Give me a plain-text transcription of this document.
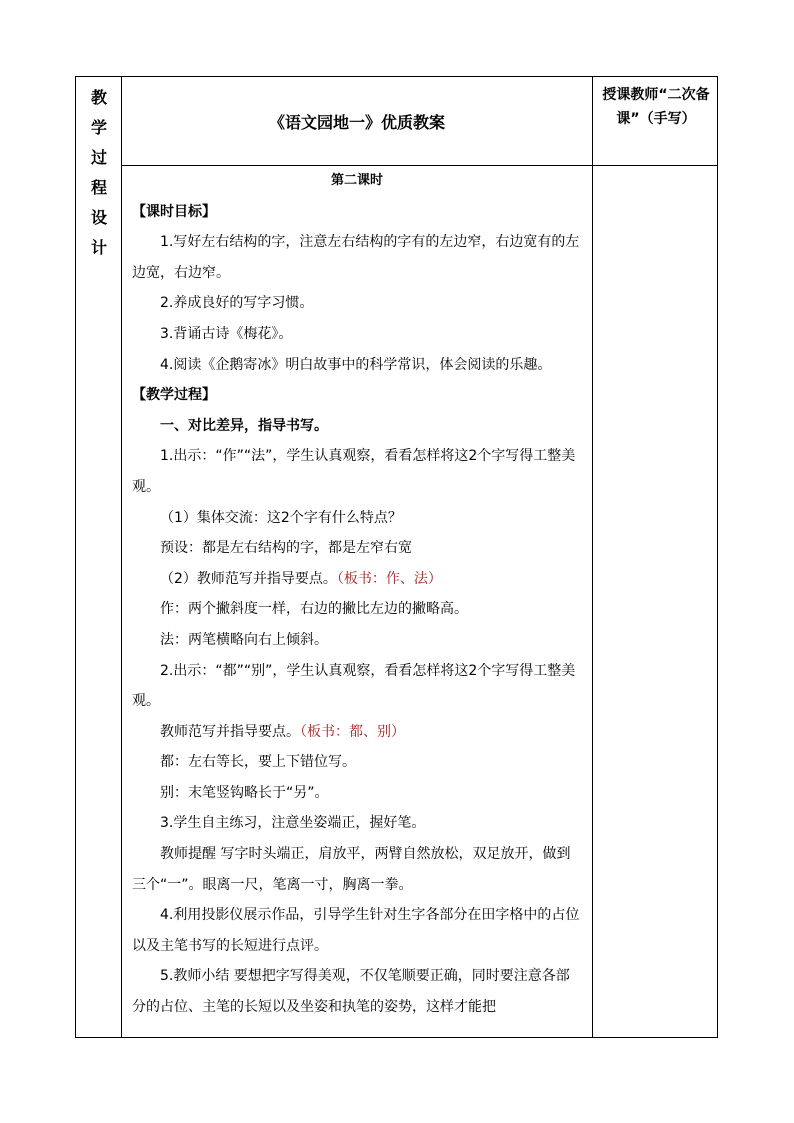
教
学
过
程
设
计
《语文园地一》优质教案
授课教师“二次备课”（手写）

第二课时

【课时目标】

1.写好左右结构的字，注意左右结构的字有的左边窄，右边宽有的左边宽，右边窄。

2.养成良好的写字习惯。

3.背诵古诗《梅花》。

4.阅读《企鹅寄冰》明白故事中的科学常识，体会阅读的乐趣。

【教学过程】

一、对比差异，指导书写。

1.出示：“作”“法”，学生认真观察，看看怎样将这2个字写得工整美观。

（1）集体交流：这2个字有什么特点？

预设：都是左右结构的字，都是左窄右宽

（2）教师范写并指导要点。（板书：作、法）

作：两个撇斜度一样，右边的撇比左边的撇略高。

法：两笔横略向右上倾斜。

2.出示：“都”“别”，学生认真观察，看看怎样将这2个字写得工整美观。

教师范写并指导要点。（板书：都、别）

都：左右等长，要上下错位写。

别：末笔竖钩略长于“另”。

3.学生自主练习，注意坐姿端正，握好笔。

教师提醒 写字时头端正，肩放平，两臂自然放松，双足放开，做到三个“一”。眼离一尺，笔离一寸，胸离一拳。

4.利用投影仪展示作品，引导学生针对生字各部分在田字格中的占位以及主笔书写的长短进行点评。

5.教师小结 要想把字写得美观，不仅笔顺要正确，同时要注意各部分的占位、主笔的长短以及坐姿和执笔的姿势，这样才能把
